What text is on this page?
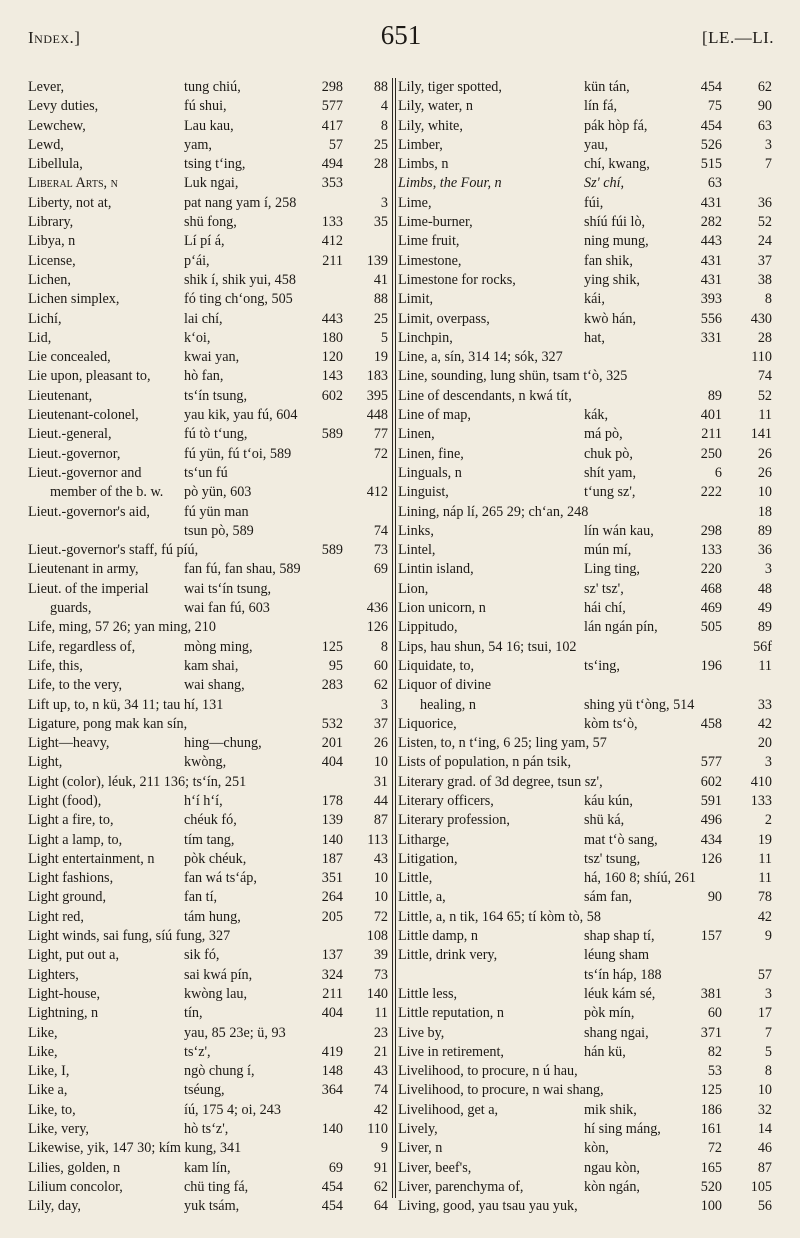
Index.]	651	[LE.—LI.
Lever,	tung chiú,	298 88
Levy duties,	fú shui,	577	4
Lewchew,	Lau kau,	417	8
Lewd,	yam,	57 25
Libellula,	tsing tʻing,	494 28
Liberal Arts, n	Luk ngai,	353
Liberty, not at,	pat nang yam í, 258	3
Library,	shü fong,	133 35
Libya, n	Lí pí á,	412
License,	pʻái,	211 139
Lichen,	shik í, shik yui, 458	41
Lichen simplex,	fó ting chʻong, 505	88
Lichí,	lai chí,	443 25
Lid,	kʻoi,	180	5
Lie concealed,	kwai yan,	120 19
Lie upon, pleasant to, hò fan,	143 183
Lieutenant,	tsʻín tsung,	602 395
Lieutenant-colonel,	yau kik, yau fú, 604	448
Lieut.-general,	fú tò tʻung,	589 77
Lieut.-governor,	fú yün, fú tʻoi, 589	72
Lieut.-governor and	tsʻun fú
member of the b. w. pò yün, 603	412
Lieut.-governor's aid, fú yün man
tsun pò, 589	74
Lieut.-governor's staff, fú píú,	589 73
Lieutenant in army,	fan fú, fan shau, 589	69
Lieut. of the imperial wai tsʻín tsung,
guards,	wai fan fú, 603	436
Life, ming, 57 26; yan ming, 210	126
Life, regardless of,	mòng ming,	125	8
Life, this,	kam shai,	95 60
Life, to the very,	wai shang,	283 62
Lift up, to, n kü, 34 11; tau hí, 131	3
Ligature, pong mak kan sín,	532 37
Light—heavy,	hing—chung,	201 26
Light,	kwòng,	404 10
Light (color), léuk, 211 136; tsʻín, 251	31
Light (food),	hʻí hʻí,	178 44
Light a fire, to,	chéuk fó,	139 87
Light a lamp, to,	tím tang,	140 113
Light entertainment, n pòk chéuk,	187 43
Light fashions,	fan wá tsʻáp,	351 10
Light ground,	fan tí,	264 10
Light red,	tám hung,	205 72
Light winds, sai fung, síú fung, 327	108
Light, put out a,	sik fó,	137 39
Lighters,	sai kwá pín,	324 73
Light-house,	kwòng lau,	211 140
Lightning, n	tín,	404 11
Like,	yau, 85 23e; ü, 93	23
Like,	tsʻz',	419 21
Like, I,	ngò chung í,	148 43
Like a,	tséung,	364 74
Like, to,	íú, 175 4; oi, 243	42
Like, very,	hò tsʻz',	140 110
Likewise, yik, 147 30; kím kung, 341	9
Lilies, golden, n	kam lín,	69 91
Lilium concolor,	chü ting fá,	454 62
Lily, day,	yuk tsám,	454 64
Lily, tiger spotted,	kün tán,	454	62
Lily, water, n	lín fá,	75	90
Lily, white,	pák hòp fá,	454	63
Limber,	yau,	526	3
Limbs, n	chí, kwang,	515	7
Limbs, the Four, n	Sz' chí,	63
Lime,	fúi,	431	36
Lime-burner,	shíú fúi lò,	282	52
Lime fruit,	ning mung,	443	24
Limestone,	fan shik,	431	37
Limestone for rocks,	ying shik,	431	38
Limit,	kái,	393	8
Limit, overpass,	kwò hán,	556 430
Linchpin,	hat,	331	28
Line, a, sín, 314 14; sók, 327	110
Line, sounding, lung shün, tsam tʻò, 325	74
Line of descendants, n kwá tít,	89	52
Line of map,	kák,	401	11
Linen,	má pò,	211 141
Linen, fine,	chuk pò,	250	26
Linguals, n	shít yam,	6	26
Linguist,	tʻung sz',	222	10
Lining, náp lí, 265 29; chʻan, 248	18
Links,	lín wán kau,	298	89
Lintel,	mún mí,	133	36
Lintin island,	Ling ting,	220	3
Lion,	sz' tsz',	468	48
Lion unicorn, n	hái chí,	469	49
Lippitudo,	lán ngán pín,	505	89
Lips, hau shun, 54 16; tsui, 102	56f
Liquidate, to,	tsʻing,	196	11
Liquor of divine
healing, n	shing yü tʻòng, 514	33
Liquorice,	kòm tsʻò,	458	42
Listen, to, n tʻing, 6 25; ling yam, 57	20
Lists of population, n pán tsik,	577	3
Literary grad. of 3d degree, tsun sz',	602 410
Literary officers,	káu kún,	591 133
Literary profession,	shü ká,	496	2
Litharge,	mat tʻò sang,	434	19
Litigation,	tsz' tsung,	126	11
Little,	há, 160 8; shíú, 261	11
Little, a,	sám fan,	90	78
Little, a, n tik, 164 65; tí kòm tò, 58	42
Little damp, n	shap shap tí,	157	9
Little, drink very,	léung sham
tsʻín háp, 188	57
Little less,	léuk kám sé,	381	3
Little reputation, n	pòk mín,	60	17
Live by,	shang ngai,	371	7
Live in retirement,	hán kü,	82	5
Livelihood, to procure, n ú hau,	53	8
Livelihood, to procure, n wai shang,	125	10
Livelihood, get a,	mik shik,	186	32
Lively,	hí sing máng,	161	14
Liver, n	kòn,	72	46
Liver, beef's,	ngau kòn,	165	87
Liver, parenchyma of,	kòn ngán,	520 105
Living, good, yau tsau yau yuk,	100	56
